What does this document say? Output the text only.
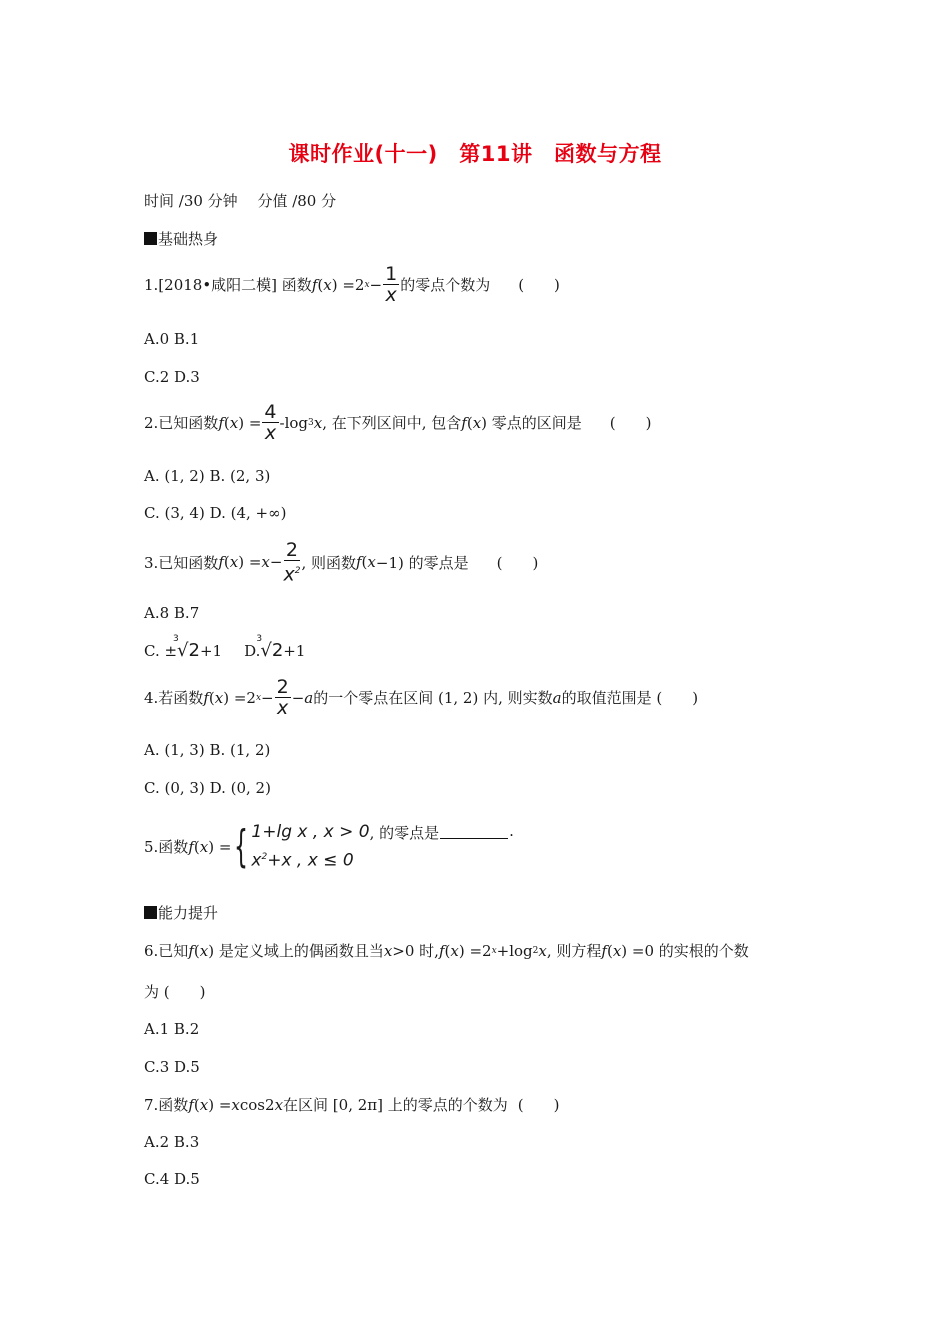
课时作业(十一)　第11讲　函数与方程
时间 ∕30 分钟　 分值 ∕80 分
基础热身
1.[2018•咸阳二模] 函数 f ( x ) =2 $x - \frac{1}{x}$ 的零点个数为 (　　)
A.0 B.1
C.2 D.3
2.已知函数 f ( x ) = $\frac{4}{x} -\log$ 3 x , 在下列区间中, 包含 f ( x ) 零点的区间是 (　　)
A. (1, 2) B. (2, 3)
C. (3, 4) D. (4, +∞)
3.已知函数 f ( x ) = $x - \frac{2}{x^2}$ , 则函数 f ( x −1) 的零点是 (　　)
A.8 B.7
C. ±
3
√2 +1 D.
3
√2 +1
4.若函数 f ( x ) =2 $x - \frac{2}{x} - a$ 的一个零点在区间 (1, 2) 内, 则实数 a 的取值范围是 (　　)
A. (1, 3) B. (1, 2)
C. (0, 3) D. (0, 2)
5.函数 f ( x ) = { 1+lg x , x > 0
$x^2+x$ , x ≤ 0
, 的零点是	.
能力提升
6.已知 f ( x ) 是定义域上的偶函数且当 x >0 时, f ( x ) =2 x +log 2 x , 则方程 f ( x ) =0 的实根的个数
为 (　　)
A.1 B.2
C.3 D.5
7.函数 f ( x ) = x cos2 x 在区间 [0, 2π] 上的零点的个数为 (　　)
A.2 B.3
C.4 D.5
